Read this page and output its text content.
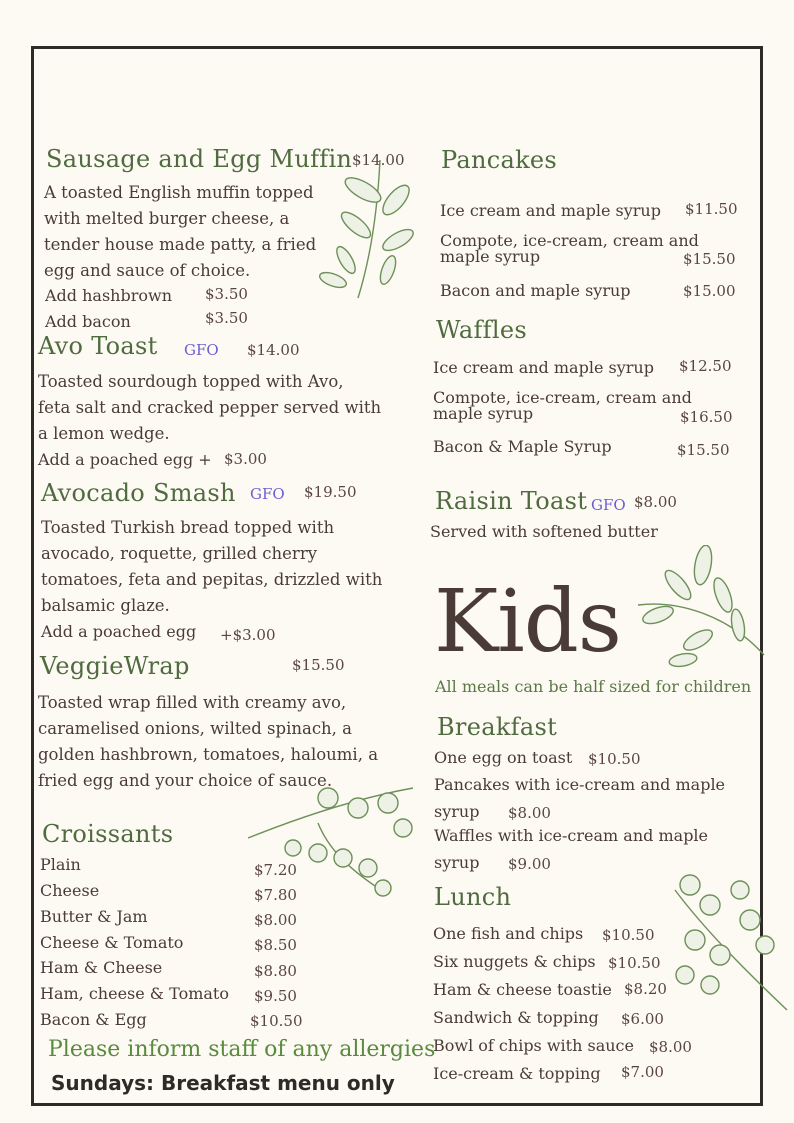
Sausage and Egg Muffin $14.00
A toasted English muffin topped
with melted burger cheese, a
tender house made patty, a fried
egg and sauce of choice.
Add hashbrown $3.50
Add bacon	$3.50
Avo Toast GFO $14.00
Toasted sourdough topped with Avo,
feta salt and cracked pepper served with
a lemon wedge.
Add a poached egg + $3.00
Avocado Smash GFO $19.50
Toasted Turkish bread topped with
avocado, roquette, grilled cherry
tomatoes, feta and pepitas, drizzled with
balsamic glaze.
Add a poached egg +$3.00
VeggieWrap	$15.50
Toasted wrap filled with creamy avo,
caramelised onions, wilted spinach, a
golden hashbrown, tomatoes, haloumi, a
fried egg and your choice of sauce.
Croissants
Plain	$7.20
Cheese	$7.80
Butter & Jam	$8.00
Cheese & Tomato	$8.50
Ham & Cheese	$8.80
Ham, cheese & Tomato $9.50
Bacon & Egg	$10.50
Please inform staff of any allergies
Sundays: Breakfast menu only
Pancakes
Ice cream and maple syrup $11.50
Compote, ice-cream, cream and
maple syrup	$15.50
Bacon and maple syrup	$15.00
Waffles
Ice cream and maple syrup $12.50
Compote, ice-cream, cream and
maple syrup	$16.50
Bacon & Maple Syrup	$15.50
Raisin Toast GFO $8.00
Served with softened butter
Kids
All meals can be half sized for children
Breakfast
One egg on toast $10.50
Pancakes with ice-cream and maple
syrup $8.00
Waffles with ice-cream and maple
syrup $9.00
Lunch
One fish and chips $10.50
Six nuggets & chips $10.50
Ham & cheese toastie $8.20
Sandwich & topping $6.00
Bowl of chips with sauce $8.00
Ice-cream & topping $7.00
